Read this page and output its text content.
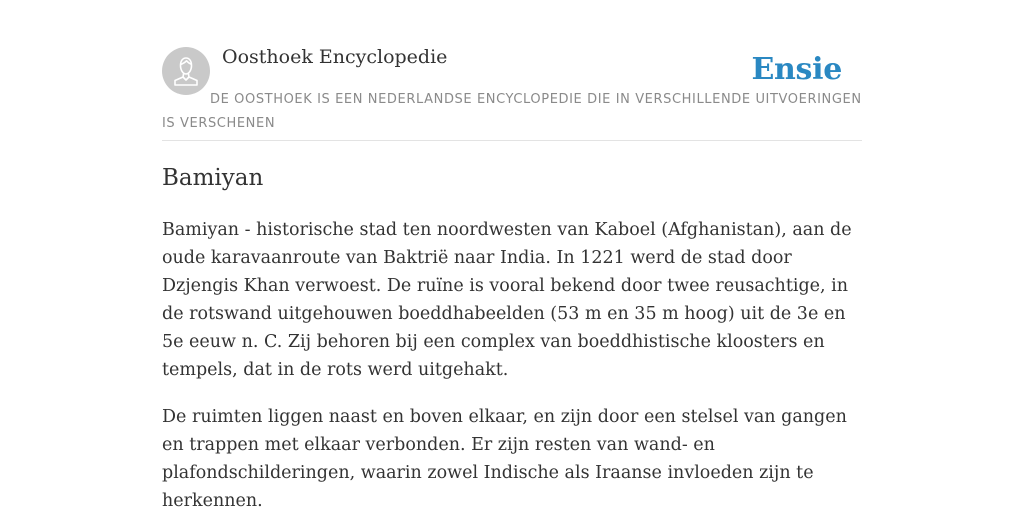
Oosthoek Encyclopedie	Ensie
DE OOSTHOEK IS EEN NEDERLANDSE ENCYCLOPEDIE DIE IN VERSCHILLENDE UITVOERINGEN IS VERSCHENEN
Bamiyan

Bamiyan - historische stad ten noordwesten van Kaboel (Afghanistan), aan de oude karavaanroute van Baktrië naar India. In 1221 werd de stad door Dzjengis Khan verwoest. De ruïne is vooral bekend door twee reusachtige, in de rotswand uitgehouwen boeddhabeelden (53 m en 35 m hoog) uit de 3e en 5e eeuw n. C. Zij behoren bij een complex van boeddhistische kloosters en tempels, dat in de rots werd uitgehakt.

De ruimten liggen naast en boven elkaar, en zijn door een stelsel van gangen en trappen met elkaar verbonden. Er zijn resten van wand- en plafondschilderingen, waarin zowel Indische als Iraanse invloeden zijn te herkennen.
